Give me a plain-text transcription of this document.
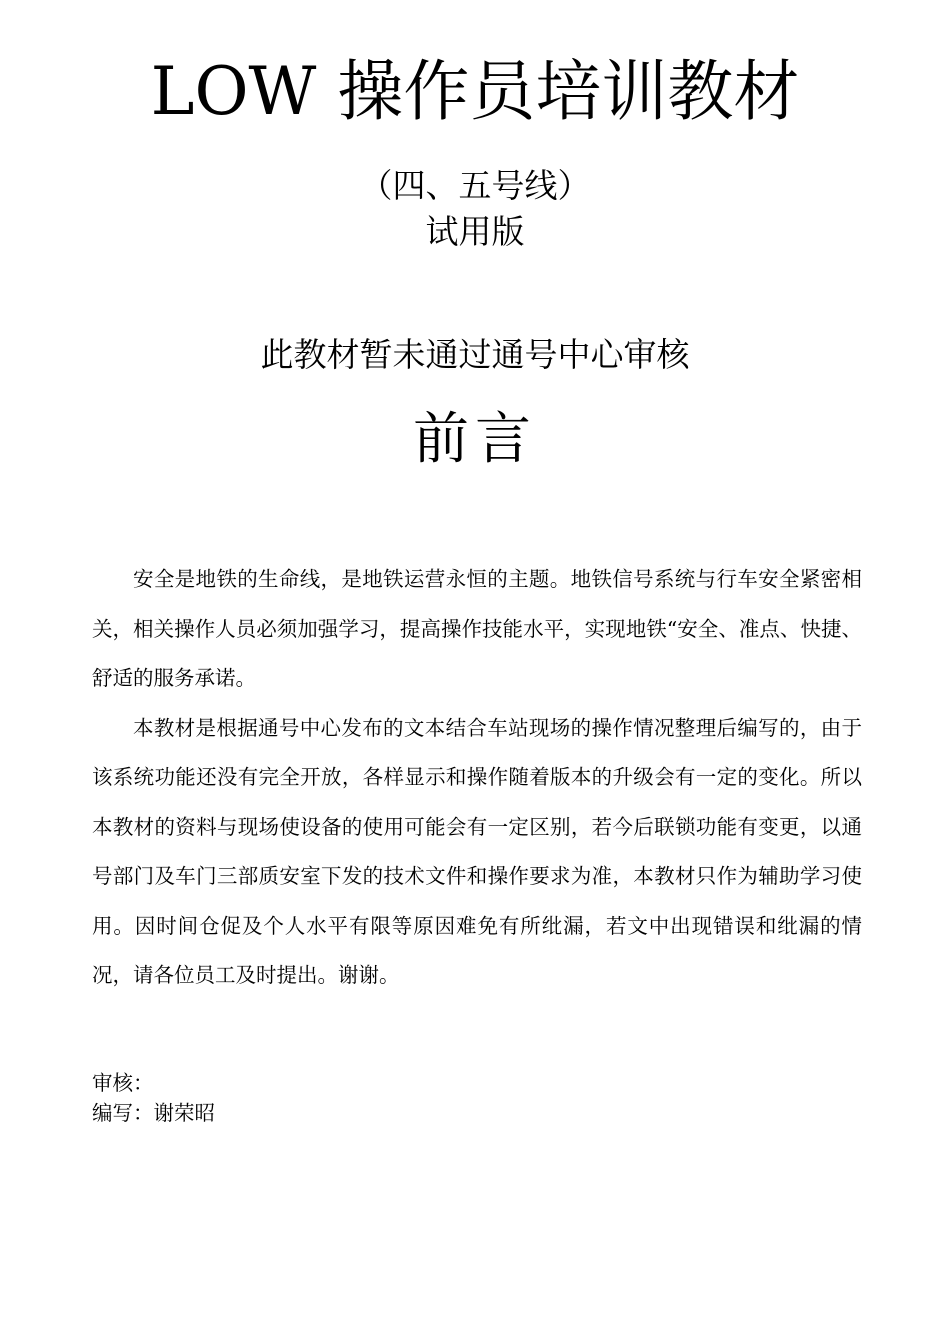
LOW 操作员培训教材
（四、五号线）
试用版
此教材暂未通过通号中心审核
前言

安全是地铁的生命线，是地铁运营永恒的主题。地铁信号系统与行车安全紧密相关，相关操作人员必须加强学习，提高操作技能水平，实现地铁“安全、准点、快捷、舒适的服务承诺。

本教材是根据通号中心发布的文本结合车站现场的操作情况整理后编写的，由于该系统功能还没有完全开放，各样显示和操作随着版本的升级会有一定的变化。所以本教材的资料与现场使设备的使用可能会有一定区别，若今后联锁功能有变更，以通号部门及车门三部质安室下发的技术文件和操作要求为准，本教材只作为辅助学习使用。因时间仓促及个人水平有限等原因难免有所纰漏，若文中出现错误和纰漏的情况，请各位员工及时提出。谢谢。

审核：
编写：谢荣昭
